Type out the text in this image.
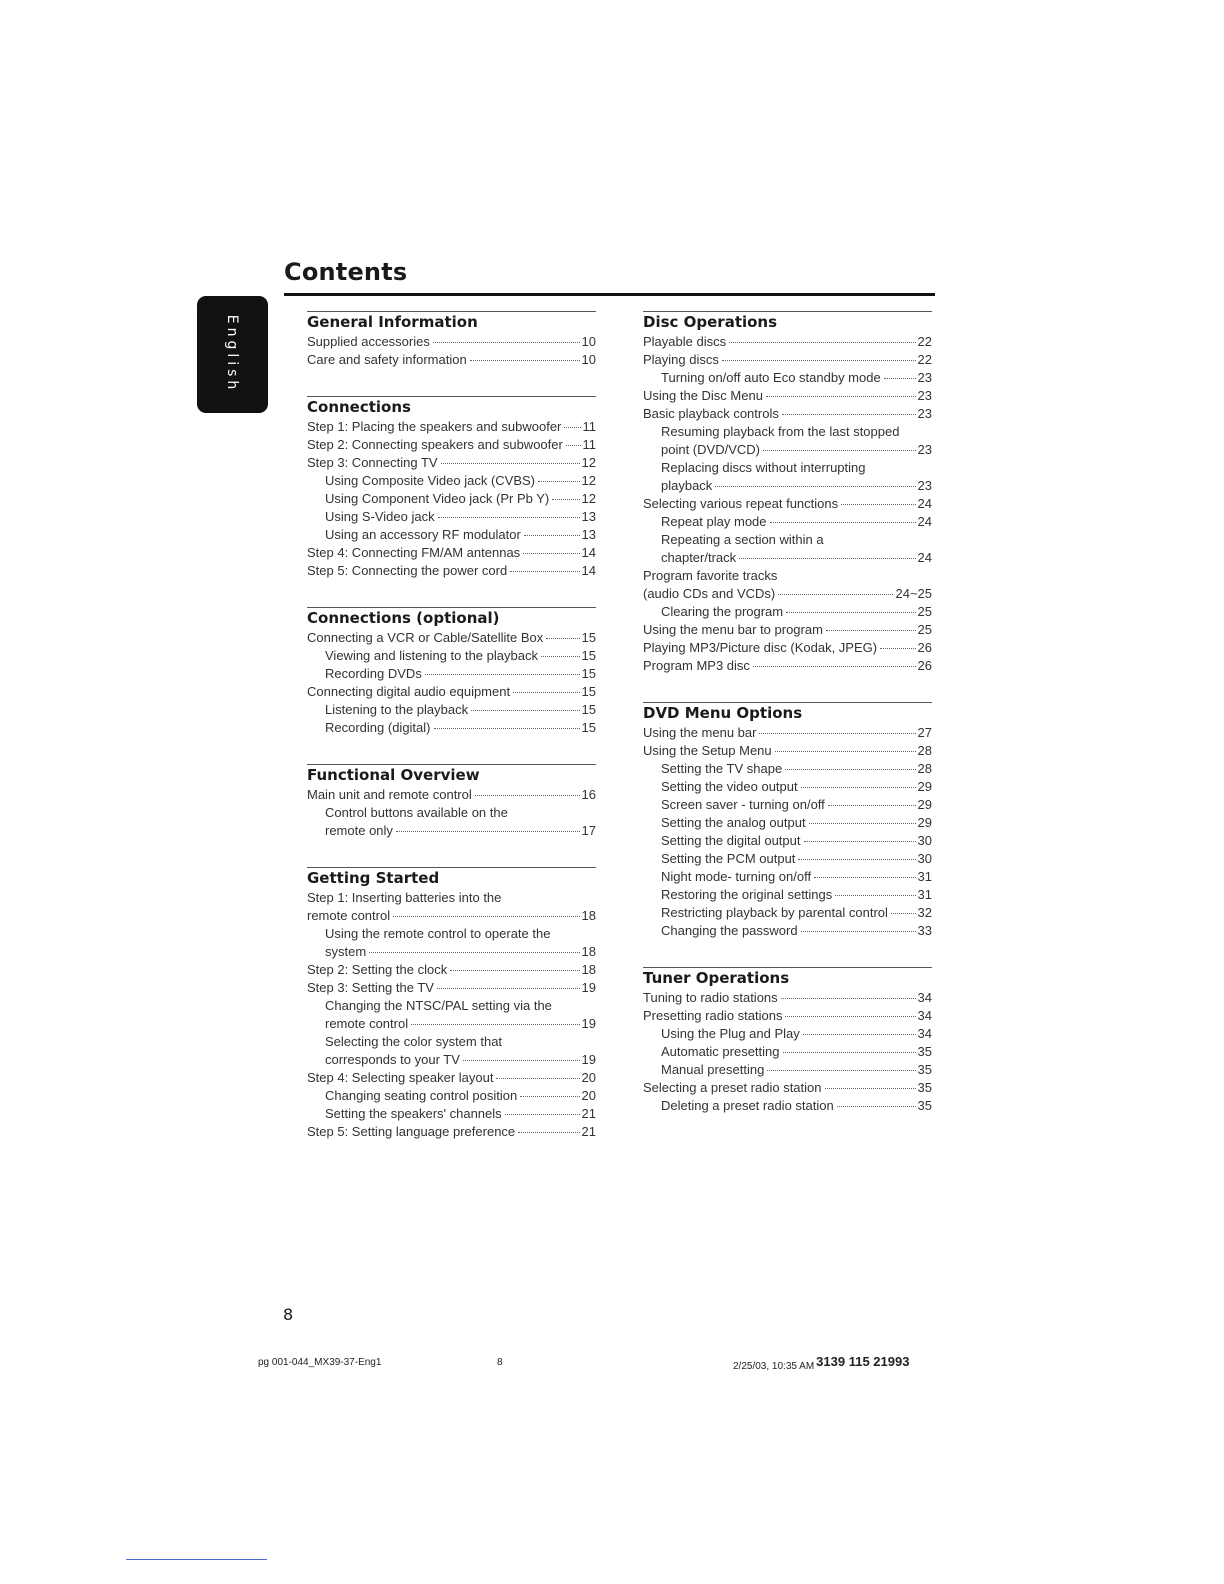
Contents
English	General Information
Supplied accessories	10
Care and safety information	10
Connections
Step 1: Placing the speakers and subwoofer 11
Step 2: Connecting speakers and subwoofer 11
Step 3: Connecting TV	12
Using Composite Video jack (CVBS)	12
Using Component Video jack (Pr Pb Y) 12
Using S-Video jack	13
Using an accessory RF modulator	13
Step 4: Connecting FM/AM antennas	14
Step 5: Connecting the power cord	14
Connections (optional)
Connecting a VCR or Cable/Satellite Box	15
Viewing and listening to the playback	15
Recording DVDs	15
Connecting digital audio equipment	15
Listening to the playback	15
Recording (digital)	15
Functional Overview
Main unit and remote control	16
Control buttons available on the
remote only	17
Getting Started
Step 1: Inserting batteries into the
remote control	18
Using the remote control to operate the
system	18
Step 2: Setting the clock	18
Step 3: Setting the TV	19
Changing the NTSC/PAL setting via the
remote control	19
Selecting the color system that
corresponds to your TV	19
Step 4: Selecting speaker layout	20
Changing seating control position	20
Setting the speakers' channels	21
Step 5: Setting language preference	21
Disc Operations
Playable discs	22
Playing discs	22
Turning on/off auto Eco standby mode	23
Using the Disc Menu	23
Basic playback controls	23
Resuming playback from the last stopped
point (DVD/VCD)	23
Replacing discs without interrupting
playback	23
Selecting various repeat functions	24
Repeat play mode	24
Repeating a section within a
chapter/track	24
Program favorite tracks
(audio CDs and VCDs)	24~25
Clearing the program	25
Using the menu bar to program	25
Playing MP3/Picture disc (Kodak, JPEG)	26
Program MP3 disc	26
DVD Menu Options
Using the menu bar	27
Using the Setup Menu	28
Setting the TV shape	28
Setting the video output	29
Screen saver - turning on/off	29
Setting the analog output	29
Setting the digital output	30
Setting the PCM output	30
Night mode- turning on/off	31
Restoring the original settings	31
Restricting playback by parental control 32
Changing the password	33
Tuner Operations
Tuning to radio stations	34
Presetting radio stations	34
Using the Plug and Play	34
Automatic presetting	35
Manual presetting	35
Selecting a preset radio station	35
Deleting a preset radio station	35
8
pg 001-044_MX39-37-Eng1	8	2/25/03, 10:35 AM 3139 115 21993
